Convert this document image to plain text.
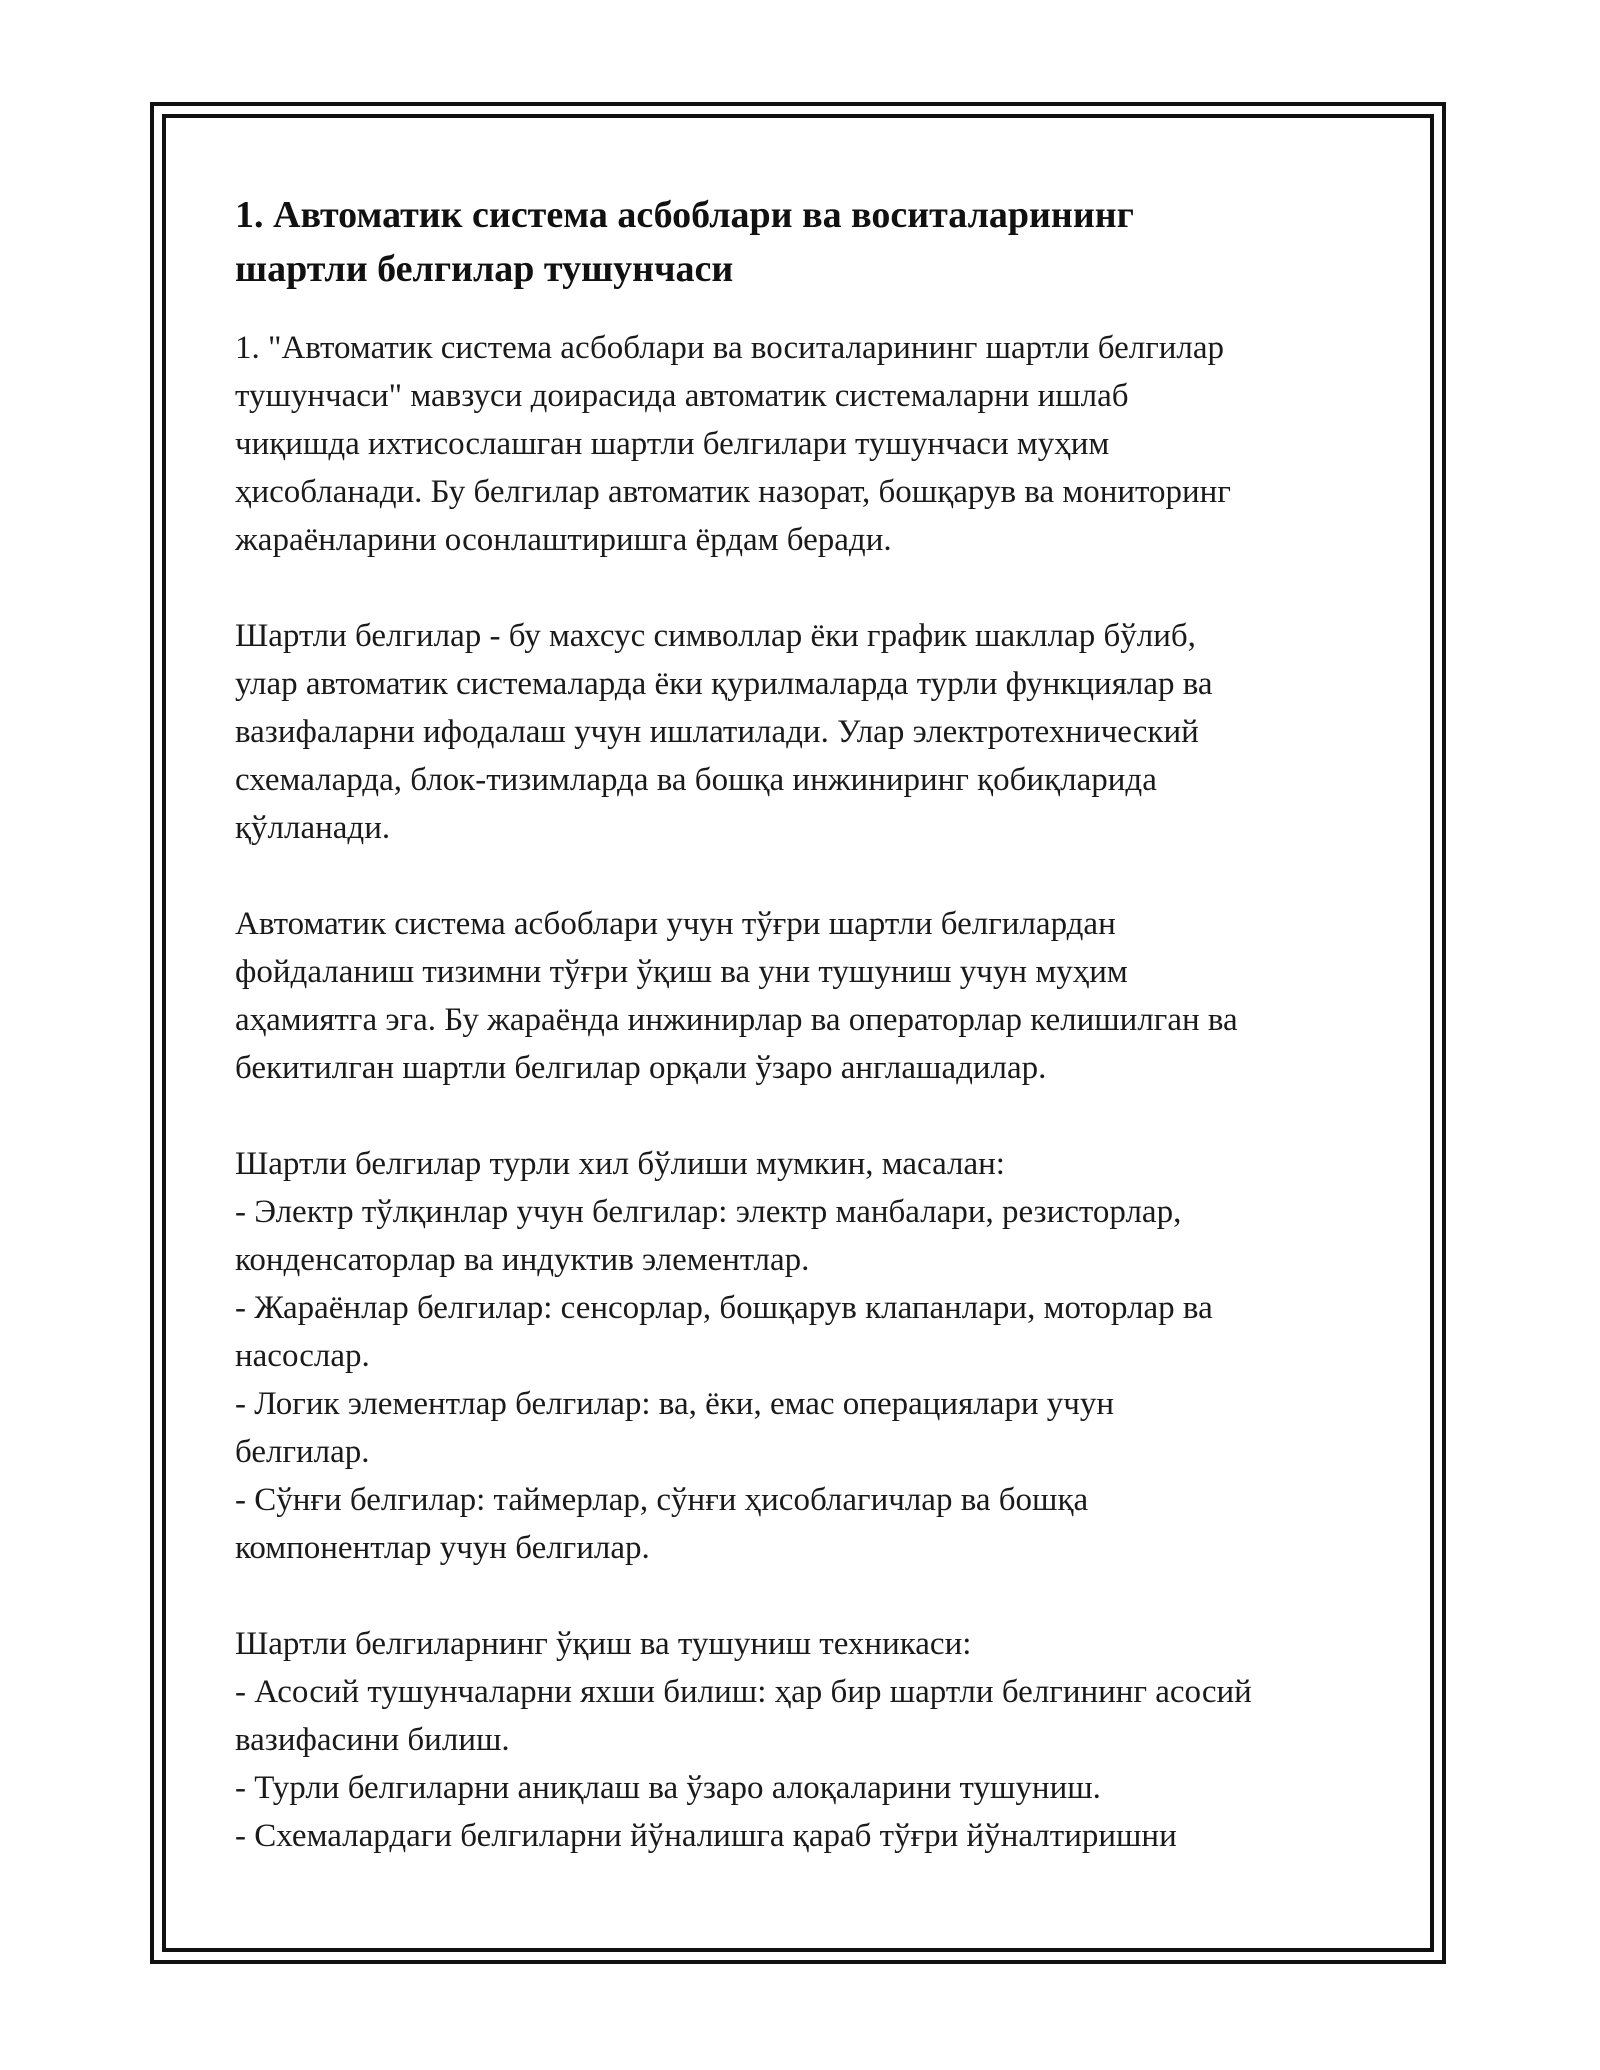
1. Автоматик система асбоблари ва воситаларининг
шартли белгилар тушунчаси

1. "Автоматик система асбоблари ва воситаларининг шартли белгилар
тушунчаси" мавзуси доирасида автоматик системаларни ишлаб
чиқишда ихтисослашган шартли белгилари тушунчаси муҳим
ҳисобланади. Бу белгилар автоматик назорат, бошқарув ва мониторинг
жараёнларини осонлаштиришга ёрдам беради.

Шартли белгилар - бу махсус символлар ёки график шакллар бўлиб,
улар автоматик системаларда ёки қурилмаларда турли функциялар ва
вазифаларни ифодалаш учун ишлатилади. Улар электротехнический
схемаларда, блок-тизимларда ва бошқа инжиниринг қобиқларида
қўлланади.

Автоматик система асбоблари учун тўғри шартли белгилардан
фойдаланиш тизимни тўғри ўқиш ва уни тушуниш учун муҳим
аҳамиятга эга. Бу жараёнда инжинирлар ва операторлар келишилган ва
бекитилган шартли белгилар орқали ўзаро англашадилар.

Шартли белгилар турли хил бўлиши мумкин, масалан:
- Электр тўлқинлар учун белгилар: электр манбалари, резисторлар,
конденсаторлар ва индуктив элементлар.
- Жараёнлар белгилар: сенсорлар, бошқарув клапанлари, моторлар ва
насослар.
- Логик элементлар белгилар: ва, ёки, емас операциялари учун
белгилар.
- Сўнғи белгилар: таймерлар, сўнғи ҳисоблагичлар ва бошқа
компонентлар учун белгилар.

Шартли белгиларнинг ўқиш ва тушуниш техникаси:
- Асосий тушунчаларни яхши билиш: ҳар бир шартли белгининг асосий
вазифасини билиш.
- Турли белгиларни аниқлаш ва ўзаро алоқаларини тушуниш.
- Схемалардаги белгиларни йўналишга қараб тўғри йўналтиришни
